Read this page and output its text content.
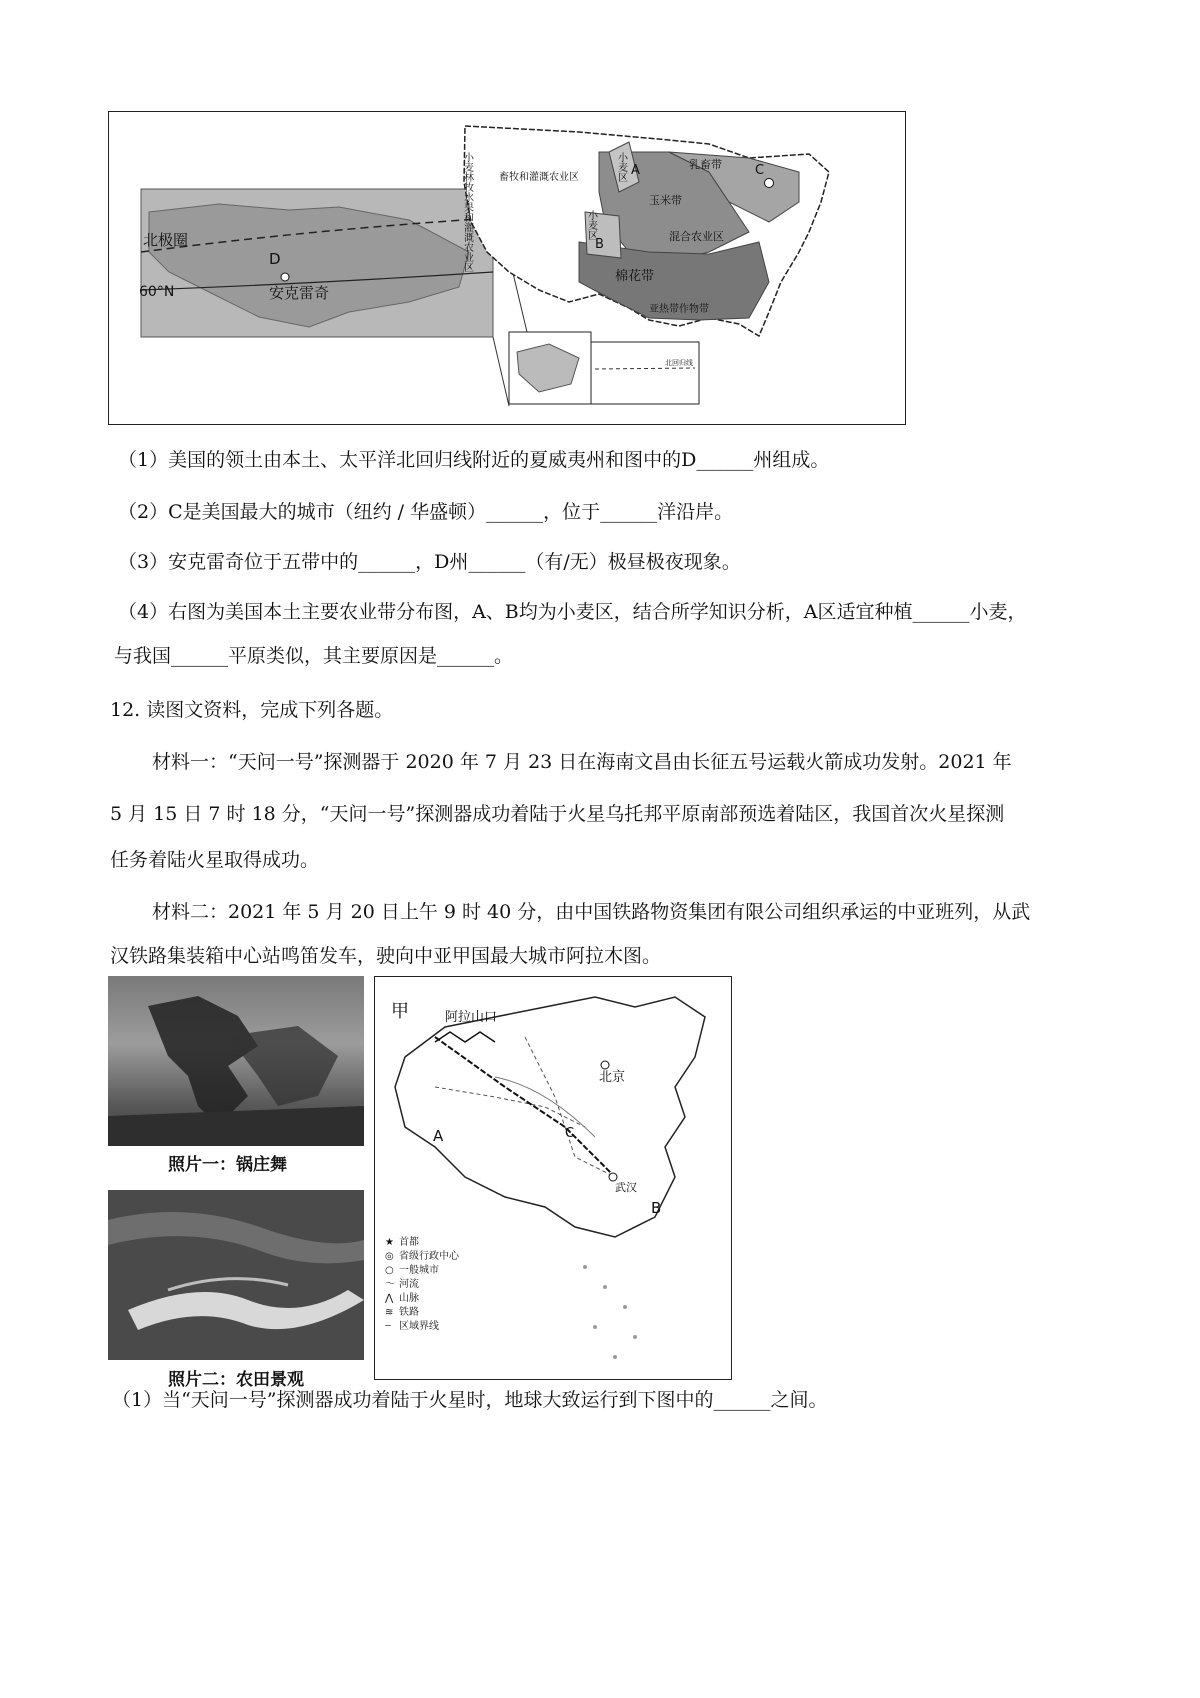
北极圈
60°N
D
安克雷奇
北回归线
小麦林牧水果和灌溉农业区	畜牧和灌溉农业区	小麦区 A	乳畜带
玉米带
小麦区
B
混合农业区
棉花带
亚热带作物带
C
（1）美国的领土由本土、太平洋北回归线附近的夏威夷州和图中的D______州组成。
（2）C是美国最大的城市（纽约 / 华盛顿）______，位于______洋沿岸。
（3）安克雷奇位于五带中的______，D州______（有/无）极昼极夜现象。
（4）右图为美国本土主要农业带分布图，A、B均为小麦区，结合所学知识分析，A区适宜种植______小麦，
与我国______平原类似，其主要原因是______。
12. 读图文资料，完成下列各题。
材料一：“天问一号”探测器于 2020 年 7 月 23 日在海南文昌由长征五号运载火箭成功发射。2021 年
5 月 15 日 7 时 18 分，“天问一号”探测器成功着陆于火星乌托邦平原南部预选着陆区，我国首次火星探测
任务着陆火星取得成功。
材料二：2021 年 5 月 20 日上午 9 时 40 分，由中国铁路物资集团有限公司组织承运的中亚班列，从武
汉铁路集装箱中心站鸣笛发车，驶向中亚甲国最大城市阿拉木图。
照片一：锅庄舞
照片二：农田景观
甲	阿拉山口
北京
A	C
武汉
B
★ 首都
◎ 省级行政中心
○ 一般城市
〜 河流
⋀ 山脉
≋ 铁路
┄ 区域界线
（1）当“天问一号”探测器成功着陆于火星时，地球大致运行到下图中的______之间。
